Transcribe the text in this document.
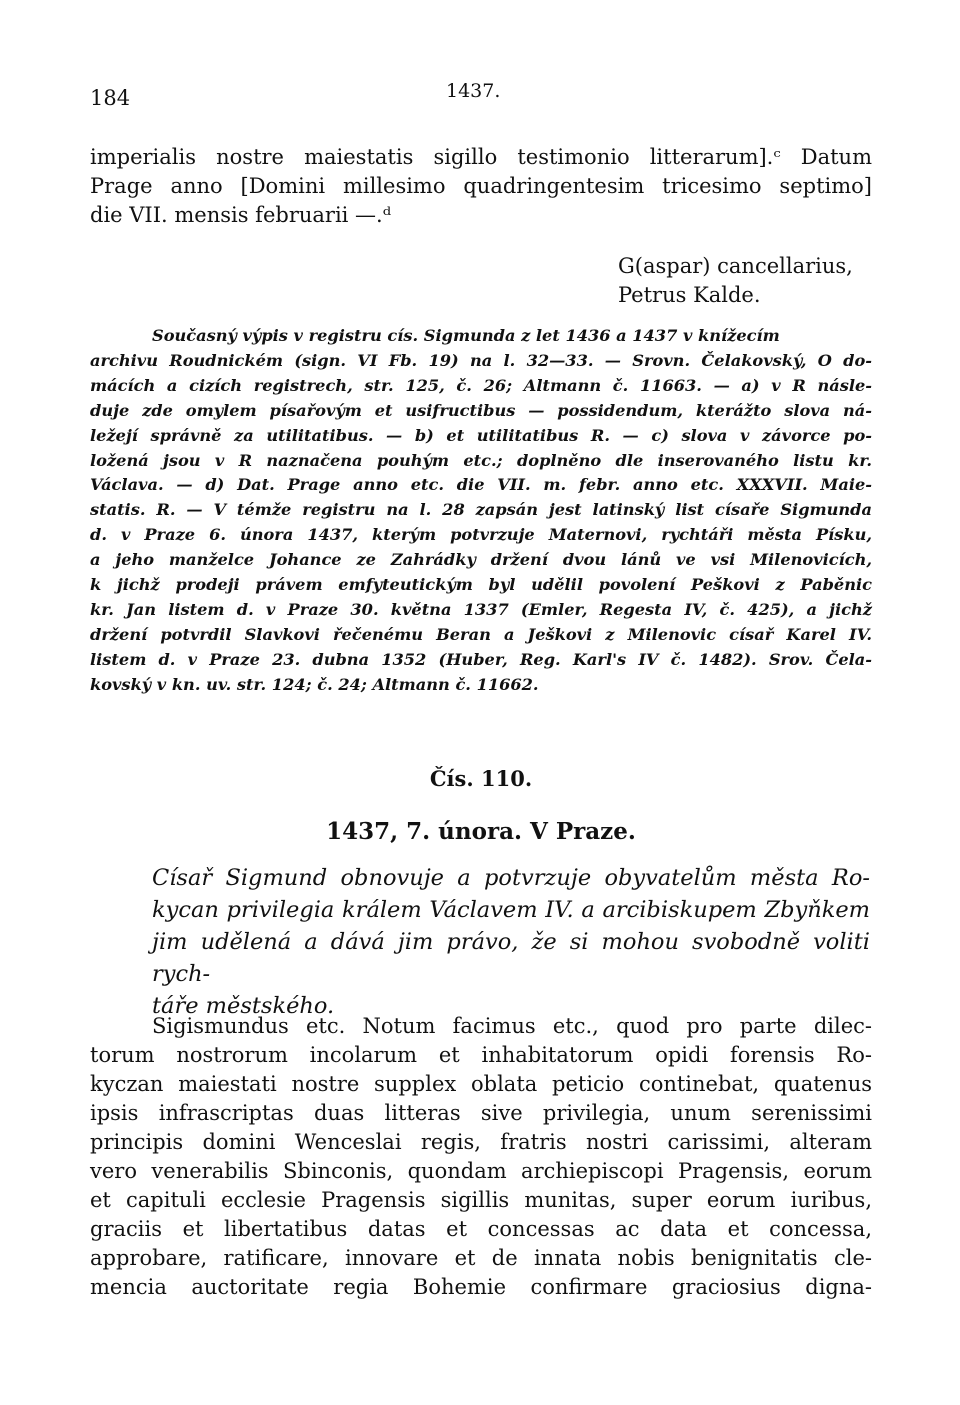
184	1437.
imperialis nostre maiestatis sigillo testimonio litterarum].ᶜ Datum
Prage anno [Domini millesimo quadringentesim tricesimo septimo]
die VII. mensis februarii —.ᵈ
G(aspar) cancellarius,
Petrus Kalde.
Současný výpis v registru cís. Sigmunda z let 1436 a 1437 v knížecím
archivu Roudnickém (sign. VI Fb. 19) na l. 32—33. — Srovn. Čelakovský, O do-
mácích a cizích registrech, str. 125, č. 26; Altmann č. 11663. — a) v R násle-
duje zde omylem písařovým et usifructibus — possidendum, kterážto slova ná-
ležejí správně za utilitatibus. — b) et utilitatibus R. — c) slova v závorce po-
ložená jsou v R naznačena pouhým etc.; doplněno dle inserovaného listu kr.
Václava. — d) Dat. Prage anno etc. die VII. m. febr. anno etc. XXXVII. Maie-
statis. R. — V témže registru na l. 28 zapsán jest latinský list císaře Sigmunda
d. v Praze 6. února 1437, kterým potvrzuje Maternovi, rychtáři města Písku,
a jeho manželce Johance ze Zahrádky držení dvou lánů ve vsi Milenovicích,
k jichž prodeji právem emfyteutickým byl udělil povolení Peškovi z Paběnic
kr. Jan listem d. v Praze 30. května 1337 (Emler, Regesta IV, č. 425), a jichž
držení potvrdil Slavkovi řečenému Beran a Ješkovi z Milenovic císař Karel IV.
listem d. v Praze 23. dubna 1352 (Huber, Reg. Karl's IV č. 1482). Srov. Čela-
kovský v kn. uv. str. 124; č. 24; Altmann č. 11662.
Čís. 110.
1437, 7. února. V Praze.
Císař Sigmund obnovuje a potvrzuje obyvatelům města Ro-
kycan privilegia králem Václavem IV. a arcibiskupem Zbyňkem
jim udělená a dává jim právo, že si mohou svobodně voliti rych-
táře městského.
Sigismundus etc. Notum facimus etc., quod pro parte dilec-
torum nostrorum incolarum et inhabitatorum opidi forensis Ro-
kyczan maiestati nostre supplex oblata peticio continebat, quatenus
ipsis infrascriptas duas litteras sive privilegia, unum serenissimi
principis domini Wenceslai regis, fratris nostri carissimi, alteram
vero venerabilis Sbinconis, quondam archiepiscopi Pragensis, eorum
et capituli ecclesie Pragensis sigillis munitas, super eorum iuribus,
graciis et libertatibus datas et concessas ac data et concessa,
approbare, ratificare, innovare et de innata nobis benignitatis cle-
mencia auctoritate regia Bohemie confirmare graciosius digna-
